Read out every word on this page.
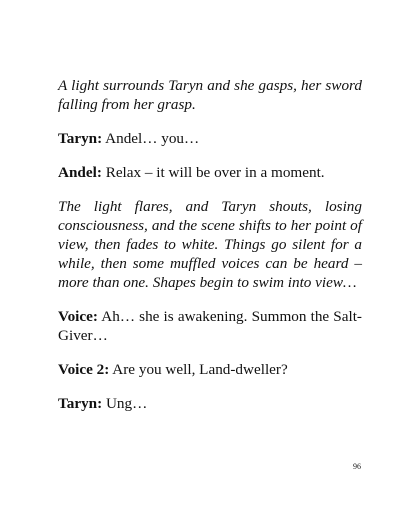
A light surrounds Taryn and she gasps, her sword falling from her grasp.

Taryn: Andel… you…

Andel: Relax – it will be over in a moment.

The light flares, and Taryn shouts, losing consciousness, and the scene shifts to her point of view, then fades to white. Things go silent for a while, then some muffled voices can be heard – more than one. Shapes begin to swim into view…

Voice: Ah… she is awakening. Summon the Salt-Giver…

Voice 2: Are you well, Land-dweller?

Taryn: Ung…

96
